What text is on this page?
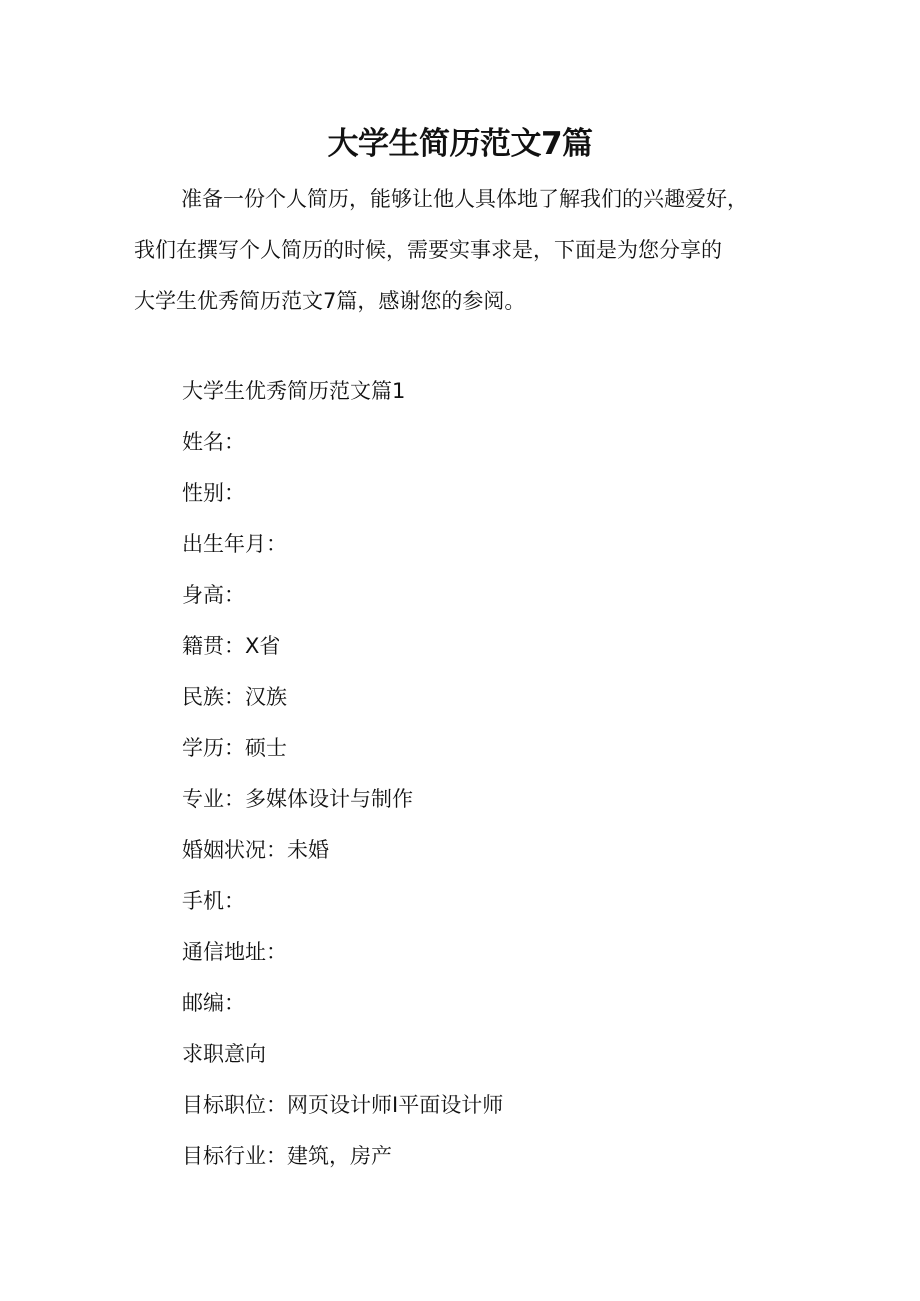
大学生简历范文7篇
准备一份个人简历，能够让他人具体地了解我们的兴趣爱好，
我们在撰写个人简历的时候，需要实事求是，下面是为您分享的
大学生优秀简历范文7篇，感谢您的参阅。
大学生优秀简历范文篇1
姓名：
性别：
出生年月：
身高：
籍贯：X省
民族：汉族
学历：硕士
专业：多媒体设计与制作
婚姻状况：未婚
手机：
通信地址：
邮编：
求职意向
目标职位：网页设计师I平面设计师
目标行业：建筑，房产
